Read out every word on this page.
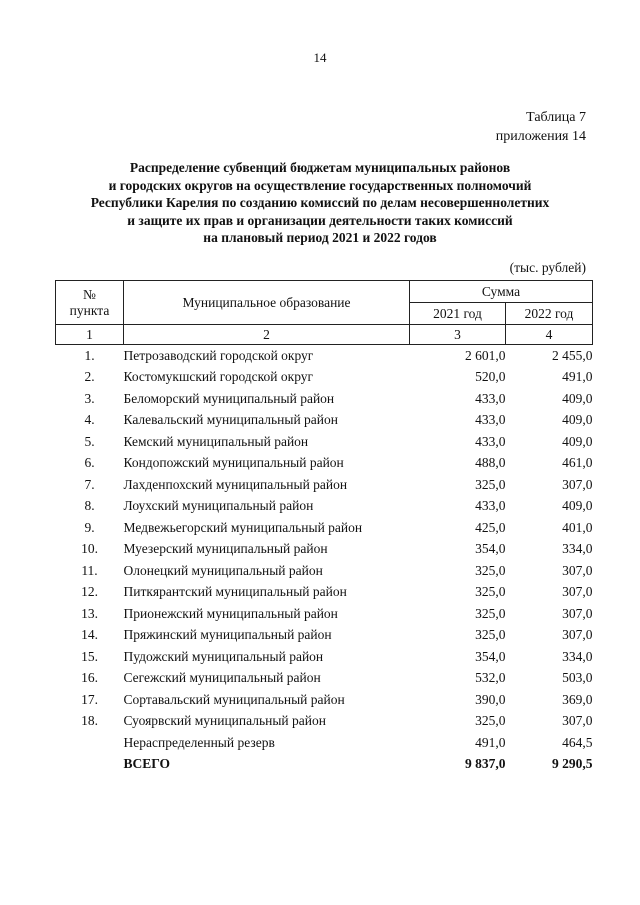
14
Таблица 7
приложения 14
Распределение субвенций бюджетам муниципальных районов
и городских округов на осуществление государственных полномочий
Республики Карелия по созданию комиссий по делам несовершеннолетних
и защите их прав и организации деятельности таких комиссий
на плановый период 2021 и 2022 годов
(тыс. рублей)
№
пункта	Муниципальное образование	Сумма	
		2021 год	2022 год
1	2	3	4
1.	Петрозаводский городской округ	2 601,0	2 455,0
2.	Костомукшский городской округ	520,0	491,0
3.	Беломорский муниципальный район	433,0	409,0
4.	Калевальский муниципальный район	433,0	409,0
5.	Кемский муниципальный район	433,0	409,0
6.	Кондопожский муниципальный район	488,0	461,0
7.	Лахденпохский муниципальный район	325,0	307,0
8.	Лоухский муниципальный район	433,0	409,0
9.	Медвежьегорский муниципальный район	425,0	401,0
10.	Муезерский муниципальный район	354,0	334,0
11.	Олонецкий муниципальный район	325,0	307,0
12.	Питкярантский муниципальный район	325,0	307,0
13.	Прионежский муниципальный район	325,0	307,0
14.	Пряжинский муниципальный район	325,0	307,0
15.	Пудожский муниципальный район	354,0	334,0
16.	Сегежский муниципальный район	532,0	503,0
17.	Сортавальский муниципальный район	390,0	369,0
18.	Суоярвский муниципальный район	325,0	307,0
	Нераспределенный резерв	491,0	464,5
	ВСЕГО	9 837,0	9 290,5
